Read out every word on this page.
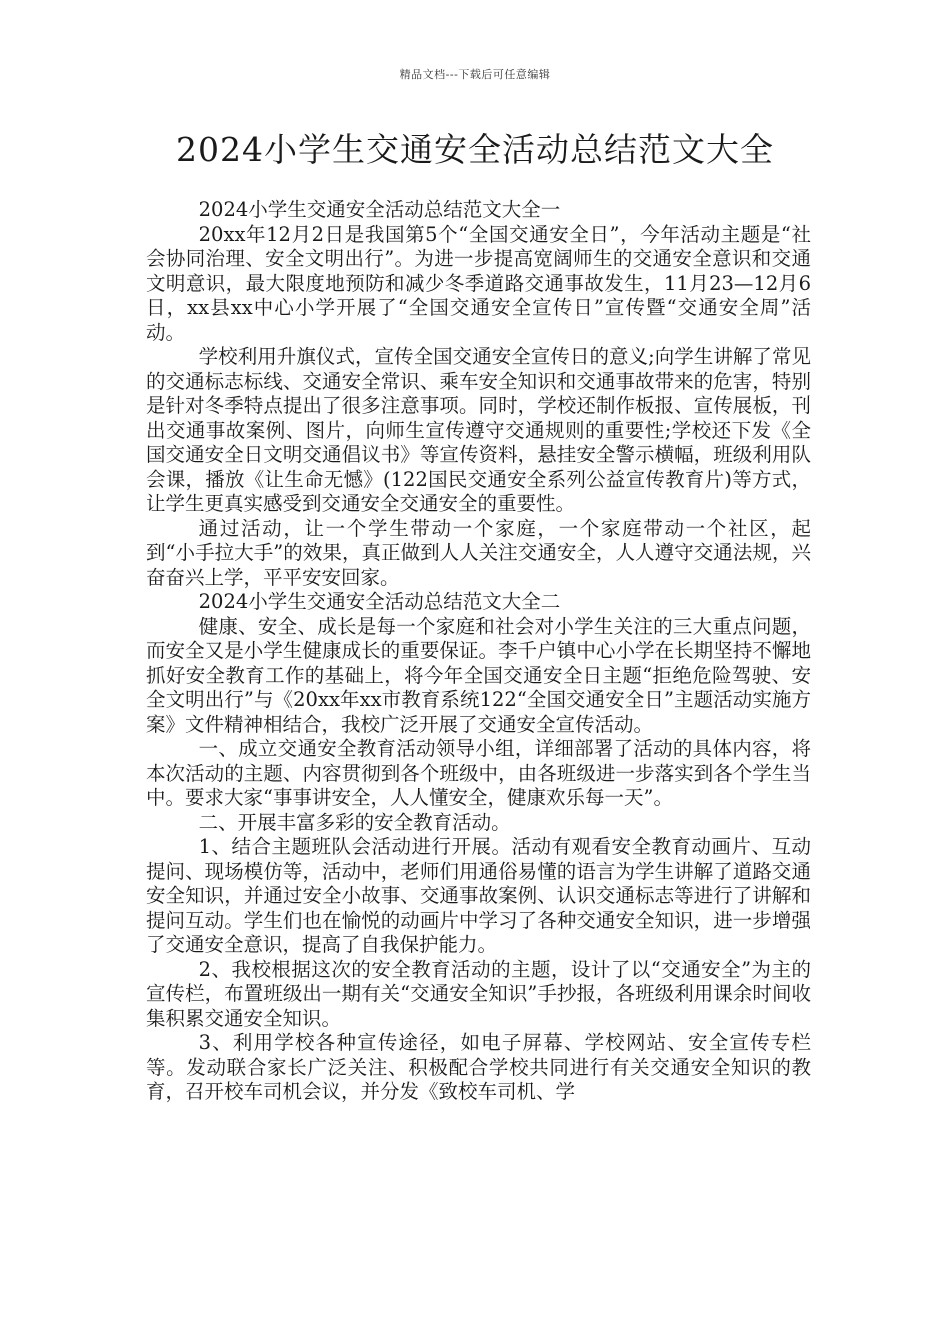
精品文档---下载后可任意编辑
2024小学生交通安全活动总结范文大全

2024小学生交通安全活动总结范文大全一

20xx年12月2日是我国第5个“全国交通安全日”，今年活动主题是“社会协同治理、安全文明出行”。为进一步提高宽阔师生的交通安全意识和交通文明意识，最大限度地预防和减少冬季道路交通事故发生，11月23—12月6日，xx县xx中心小学开展了“全国交通安全宣传日”宣传暨“交通安全周”活动。

学校利用升旗仪式，宣传全国交通安全宣传日的意义;向学生讲解了常见的交通标志标线、交通安全常识、乘车安全知识和交通事故带来的危害，特别是针对冬季特点提出了很多注意事项。同时，学校还制作板报、宣传展板，刊出交通事故案例、图片，向师生宣传遵守交通规则的重要性;学校还下发《全国交通安全日文明交通倡议书》等宣传资料，悬挂安全警示横幅，班级利用队会课，播放《让生命无憾》(122国民交通安全系列公益宣传教育片)等方式，让学生更真实感受到交通安全交通安全的重要性。

通过活动，让一个学生带动一个家庭，一个家庭带动一个社区，起到“小手拉大手”的效果，真正做到人人关注交通安全，人人遵守交通法规，兴奋奋兴上学，平平安安回家。

2024小学生交通安全活动总结范文大全二

健康、安全、成长是每一个家庭和社会对小学生关注的三大重点问题，而安全又是小学生健康成长的重要保证。李千户镇中心小学在长期坚持不懈地抓好安全教育工作的基础上，将今年全国交通安全日主题“拒绝危险驾驶、安全文明出行”与《20xx年xx市教育系统122“全国交通安全日”主题活动实施方案》文件精神相结合，我校广泛开展了交通安全宣传活动。

一、成立交通安全教育活动领导小组，详细部署了活动的具体内容，将本次活动的主题、内容贯彻到各个班级中，由各班级进一步落实到各个学生当中。要求大家“事事讲安全，人人懂安全，健康欢乐每一天”。

二、开展丰富多彩的安全教育活动。

1、结合主题班队会活动进行开展。活动有观看安全教育动画片、互动提问、现场模仿等，活动中，老师们用通俗易懂的语言为学生讲解了道路交通安全知识，并通过安全小故事、交通事故案例、认识交通标志等进行了讲解和提问互动。学生们也在愉悦的动画片中学习了各种交通安全知识，进一步增强了交通安全意识，提高了自我保护能力。

2、我校根据这次的安全教育活动的主题，设计了以“交通安全”为主的宣传栏，布置班级出一期有关“交通安全知识”手抄报，各班级利用课余时间收集积累交通安全知识。

3、利用学校各种宣传途径，如电子屏幕、学校网站、安全宣传专栏等。发动联合家长广泛关注、积极配合学校共同进行有关交通安全知识的教育，召开校车司机会议，并分发《致校车司机、学
